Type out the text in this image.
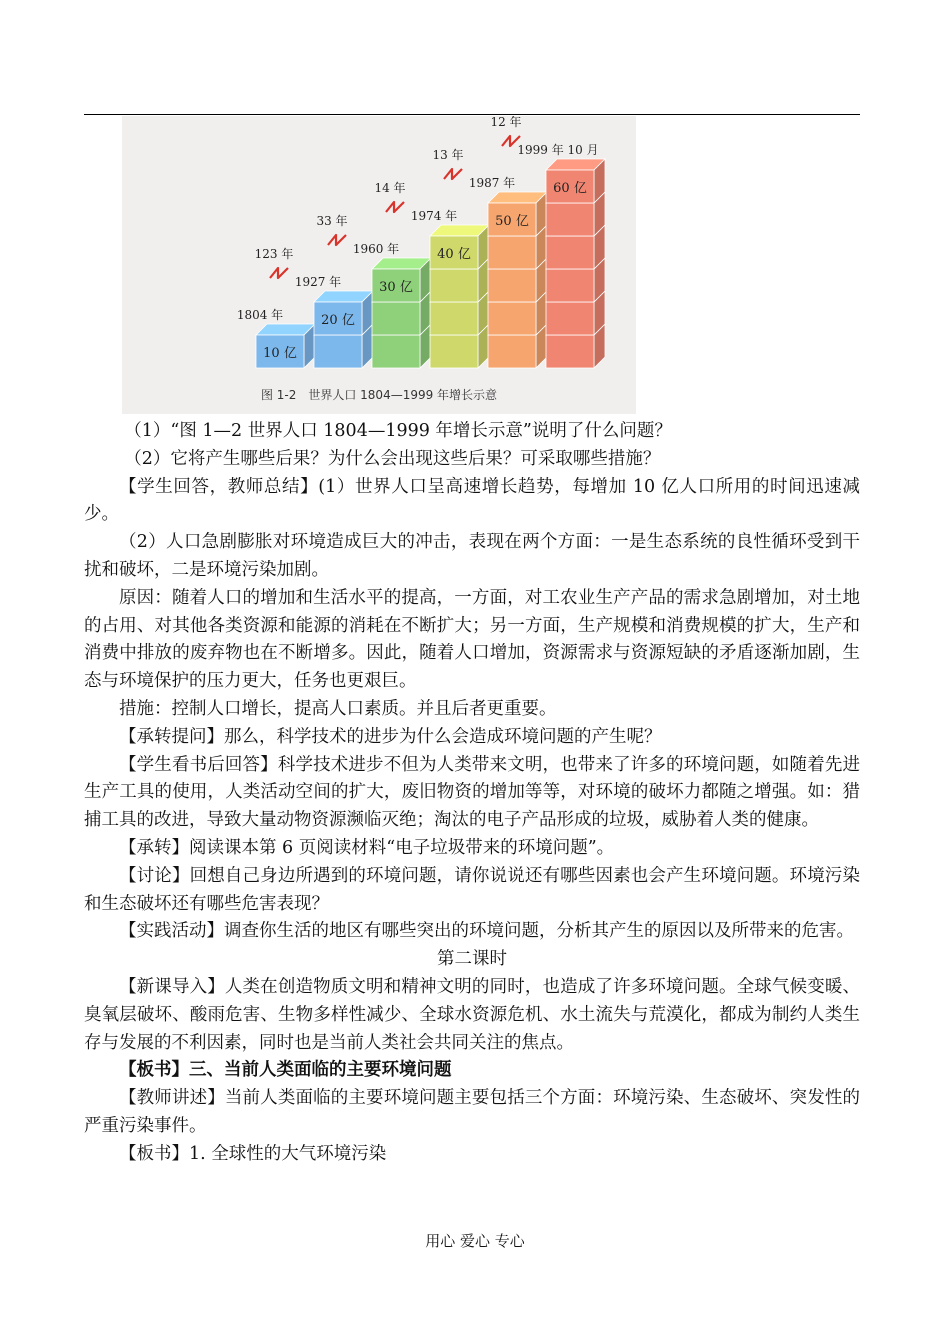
10 亿
1804 年	20 亿
1927 年
123 年
30 亿
1960 年
33 年
40 亿
1974 年
14 年
50 亿
1987 年
13 年
60 亿
1999 年 10 月
12 年
图 1-2　世界人口 1804—1999 年增长示意

（1）“图 1—2 世界人口 1804—1999 年增长示意”说明了什么问题？

（2）它将产生哪些后果？为什么会出现这些后果？可采取哪些措施？

【学生回答，教师总结】(1）世界人口呈高速增长趋势，每增加 10 亿人口所用的时间迅速减少。

（2）人口急剧膨胀对环境造成巨大的冲击，表现在两个方面：一是生态系统的良性循环受到干扰和破坏，二是环境污染加剧。

原因：随着人口的增加和生活水平的提高，一方面，对工农业生产产品的需求急剧增加，对土地的占用、对其他各类资源和能源的消耗在不断扩大；另一方面，生产规模和消费规模的扩大，生产和消费中排放的废弃物也在不断增多。因此，随着人口增加，资源需求与资源短缺的矛盾逐渐加剧，生态与环境保护的压力更大，任务也更艰巨。

措施：控制人口增长，提高人口素质。并且后者更重要。

【承转提问】那么，科学技术的进步为什么会造成环境问题的产生呢？

【学生看书后回答】科学技术进步不但为人类带来文明，也带来了许多的环境问题，如随着先进生产工具的使用，人类活动空间的扩大，废旧物资的增加等等，对环境的破坏力都随之增强。如：猎捕工具的改进，导致大量动物资源濒临灭绝；淘汰的电子产品形成的垃圾，威胁着人类的健康。

【承转】阅读课本第 6 页阅读材料“电子垃圾带来的环境问题”。

【讨论】回想自己身边所遇到的环境问题，请你说说还有哪些因素也会产生环境问题。环境污染和生态破坏还有哪些危害表现？

【实践活动】调查你生活的地区有哪些突出的环境问题，分析其产生的原因以及所带来的危害。

第二课时

【新课导入】人类在创造物质文明和精神文明的同时，也造成了许多环境问题。全球气候变暖、臭氧层破坏、酸雨危害、生物多样性减少、全球水资源危机、水土流失与荒漠化，都成为制约人类生存与发展的不利因素，同时也是当前人类社会共同关注的焦点。

【板书】三、当前人类面临的主要环境问题

【教师讲述】当前人类面临的主要环境问题主要包括三个方面：环境污染、生态破坏、突发性的严重污染事件。

【板书】1. 全球性的大气环境污染

用心 爱心 专心
